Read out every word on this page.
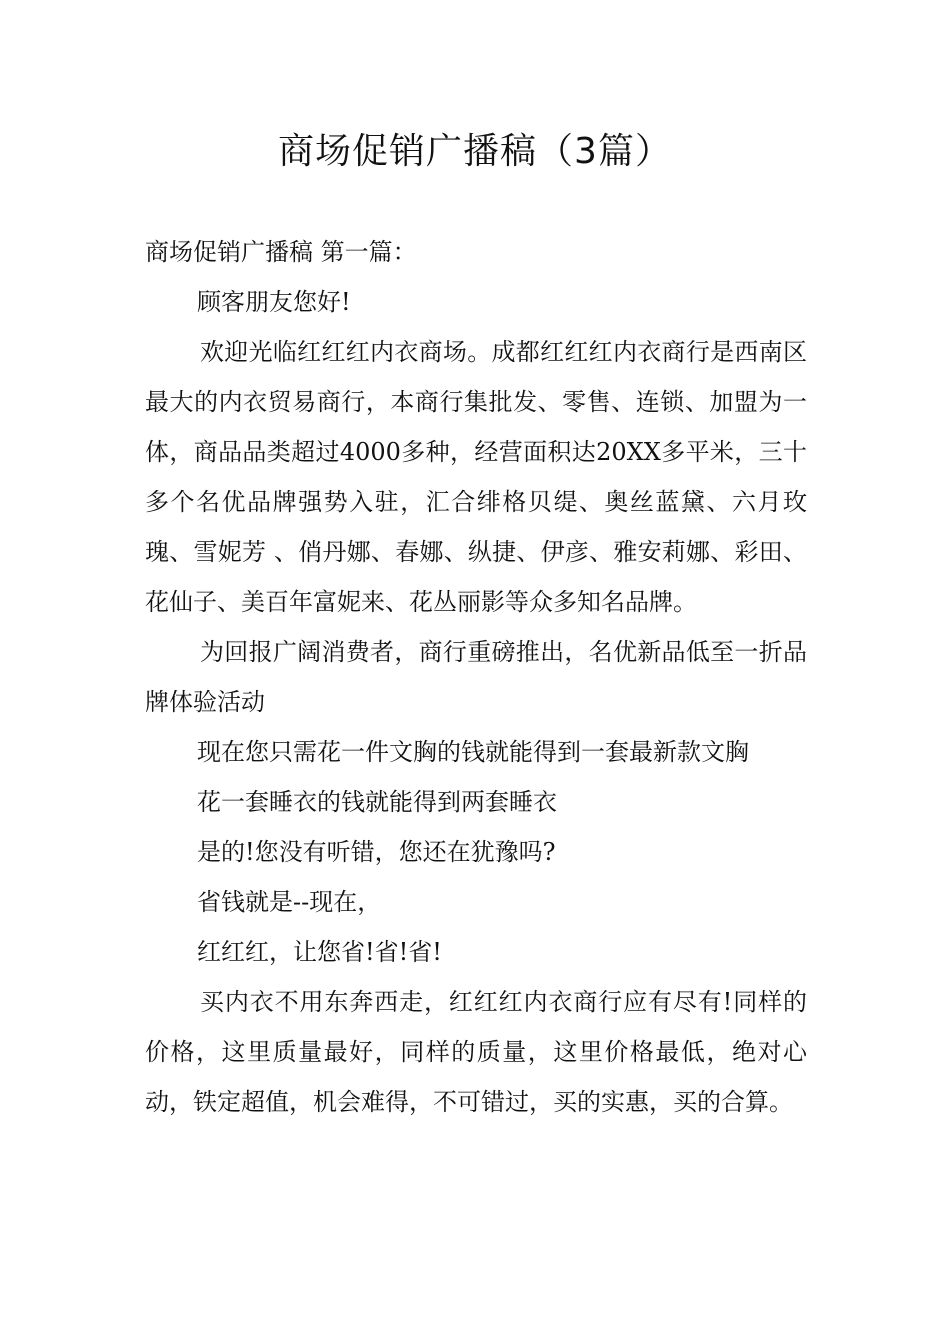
商场促销广播稿（3篇）

商场促销广播稿 第一篇：

顾客朋友您好!

欢迎光临红红红内衣商场。成都红红红内衣商行是西南区最大的内衣贸易商行，本商行集批发、零售、连锁、加盟为一体，商品品类超过4000多种，经营面积达20XX多平米，三十多个名优品牌强势入驻，汇合绯格贝缇、奥丝蓝黛、六月玫瑰、雪妮芳 、俏丹娜、春娜、纵捷、伊彦、雅安莉娜、彩田、花仙子、美百年富妮来、花丛丽影等众多知名品牌。

为回报广阔消费者，商行重磅推出，名优新品低至一折品牌体验活动

现在您只需花一件文胸的钱就能得到一套最新款文胸

花一套睡衣的钱就能得到两套睡衣

是的!您没有听错，您还在犹豫吗?

省钱就是--现在，

红红红，让您省!省!省!

买内衣不用东奔西走，红红红内衣商行应有尽有!同样的价格，这里质量最好，同样的质量，这里价格最低，绝对心动，铁定超值，机会难得，不可错过，买的实惠，买的合算。
